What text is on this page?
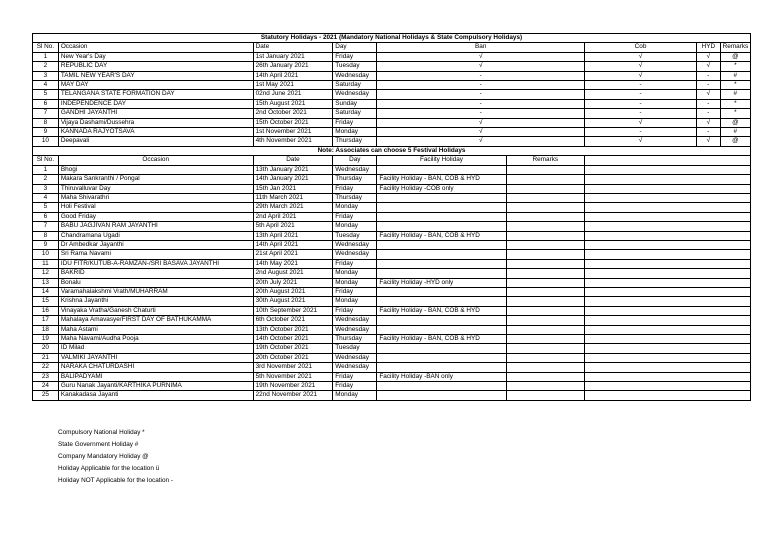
Statutory Holidays - 2021 (Mandatory National Holidays & State Compulsory Holidays)								
Sl No.	Occasion	Date	Day	Ban		Cob	HYD	Remarks
1	New Year's Day	1st January 2021	Friday	√		√	√	@
2	REPUBLIC DAY	26th January 2021	Tuesday	√		√	√	*
3	TAMIL NEW YEAR'S DAY	14th April 2021	Wednesday	-		√	-	#
4	MAY DAY	1st May 2021	Saturday	-		-	-	*
5	TELANGANA STATE FORMATION DAY	02nd June 2021	Wednesday	-		-	√	#
6	INDEPENDENCE DAY	15th August 2021	Sunday	-		-	-	*
7	GANDHI JAYANTHI	2nd October 2021	Saturday	-		-	-	*
8	Vijaya Dashami/Dussehra	15th October 2021	Friday	√		√	√	@
9	KANNADA RAJYOTSAVA	1st November 2021	Monday	√		-	-	#
10	Deepavali	4th November 2021	Thursday	√		√	√	@
Note: Associates can choose 5 Festival Holidays								
Sl No.	Occasion	Date	Day	Facility Holiday	Remarks			
1	Bhogi	13th January 2021	Wednesday					
2	Makara Sankranthi / Pongal	14th January 2021	Thursday	Facility Holiday - BAN, COB & HYD				
3	Thiruvalluvar Day	15th Jan 2021	Friday	Facility Holiday -COB only				
4	Maha Shivarathri	11th March 2021	Thursday					
5	Holi Festival	29th March 2021	Monday					
6	Good Friday	2nd April 2021	Friday					
7	BABU JAGJIVAN RAM JAYANTHI	5th April 2021	Monday					
8	Chandramana Ugadi	13th April 2021	Tuesday	Facility Holiday - BAN, COB & HYD				
9	Dr Ambedkar Jayanthi	14th April 2021	Wednesday					
10	Sri Rama Navami	21st April 2021	Wednesday					
11	IDU FITR/KUTUB-A-RAMZAN-/SRI BASAVA JAYANTHI	14th May 2021	Friday					
12	BAKRID	2nd August 2021	Monday					
13	Bonalu	20th July 2021	Monday	Facility Holiday -HYD only				
14	Varamahalakshmi Vrath/MUHARRAM	20th August 2021	Friday					
15	Krishna Jayanthi	30th August 2021	Monday					
16	Vinayaka Vratha/Ganesh Chaturti	10th September 2021	Friday	Facility Holiday - BAN, COB & HYD				
17	Mahalaya Amavasye/FIRST DAY OF BATHUKAMMA	6th October 2021	Wednesday					
18	Maha Astami	13th October 2021	Wednesday					
19	Maha Navami/Audha Pooja	14th October 2021	Thursday	Facility Holiday - BAN, COB & HYD				
20	ID Milad	19th October 2021	Tuesday					
21	VALMIKI JAYANTHI	20th October 2021	Wednesday					
22	NARAKA CHATURDASHI	3rd November 2021	Wednesday					
23	BALIPADYAMI	5th November 2021	Friday	Facility Holiday -BAN only				
24	Guru Nanak Jayanti/KARTHIKA PURNIMA	19th November 2021	Friday					
25	Kanakadasa Jayanti	22nd November 2021	Monday					
Compulsory National Holiday *
State Government Holiday #
Company Mandatory Holiday @
Holiday Applicable for the location ü
Holiday NOT Applicable for the location -
